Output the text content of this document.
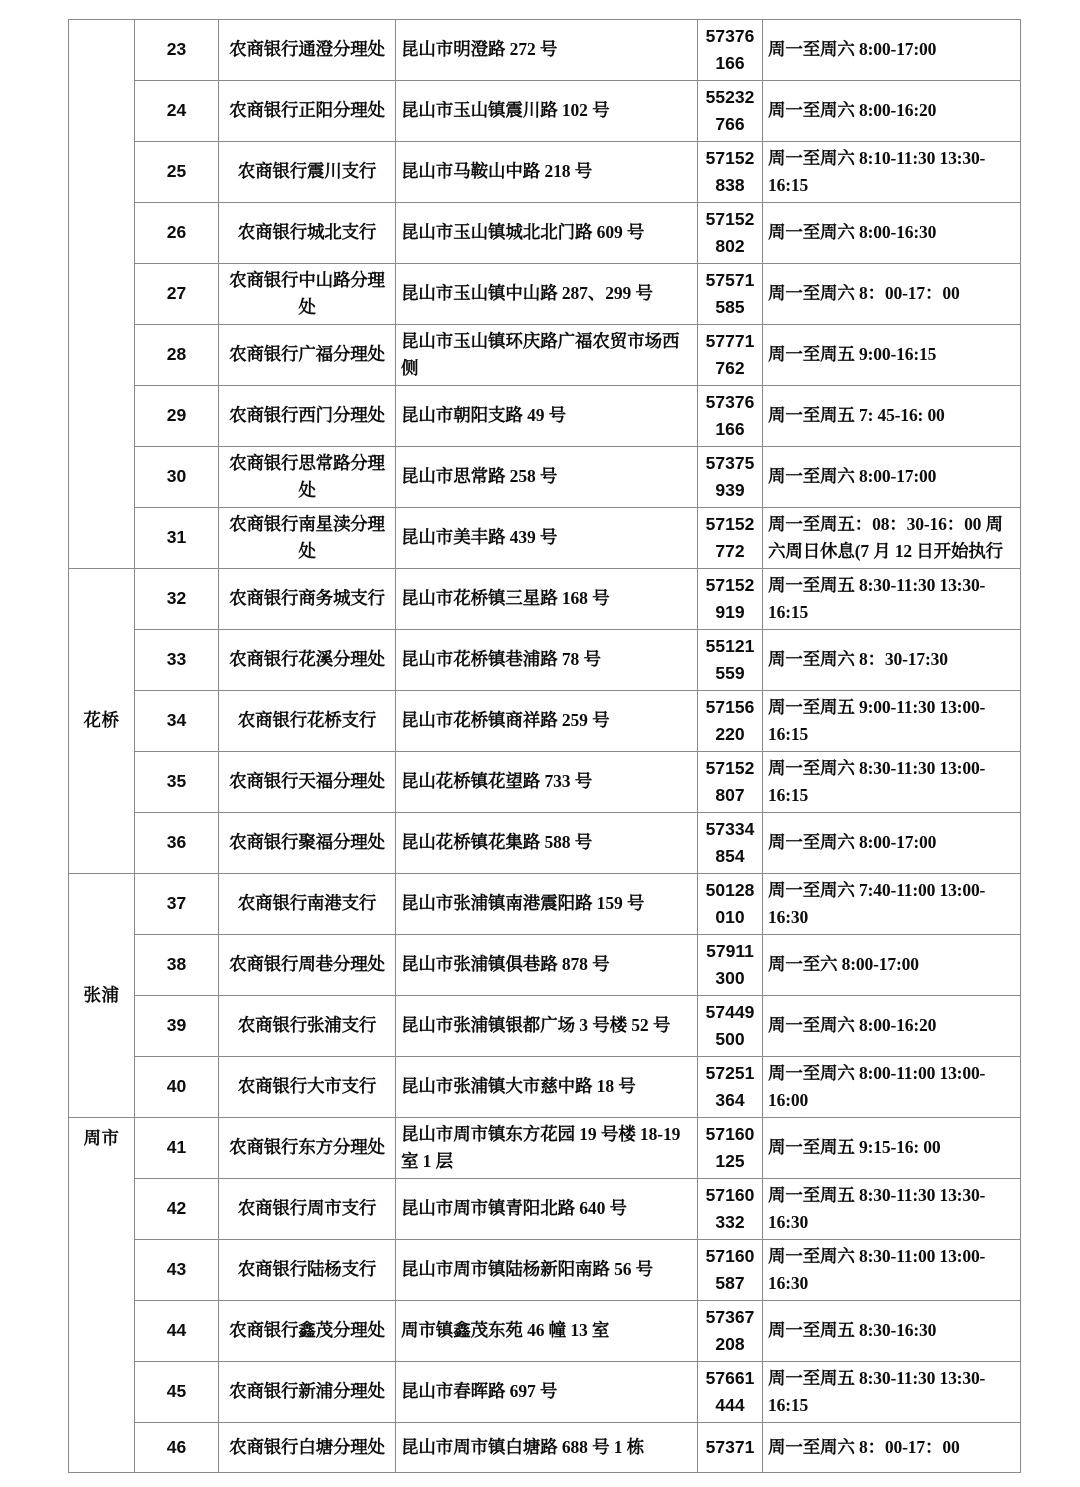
	23	农商银行通澄分理处	昆山市明澄路 272 号	57376166	周一至周六 8:00-17:00
	24	农商银行正阳分理处	昆山市玉山镇震川路 102 号	55232766	周一至周六 8:00-16:20
	25	农商银行震川支行	昆山市马鞍山中路 218 号	57152838	周一至周六 8:10-11:30 13:30-16:15
	26	农商银行城北支行	昆山市玉山镇城北北门路 609 号	57152802	周一至周六 8:00-16:30
	27	农商银行中山路分理处	昆山市玉山镇中山路 287、299 号	57571585	周一至周六 8：00-17：00
	28	农商银行广福分理处	昆山市玉山镇环庆路广福农贸市场西侧	57771762	周一至周五 9:00-16:15
	29	农商银行西门分理处	昆山市朝阳支路 49 号	57376166	周一至周五 7: 45-16: 00
	30	农商银行思常路分理处	昆山市思常路 258 号	57375939	周一至周六 8:00-17:00
	31	农商银行南星渎分理处	昆山市美丰路 439 号	57152772	周一至周五：08：30-16：00 周
六周日休息(7 月 12 日开始执行

花桥	32	农商银行商务城支行	昆山市花桥镇三星路 168 号	57152919	周一至周五 8:30-11:30 13:30-16:15
	33	农商银行花溪分理处	昆山市花桥镇巷浦路 78 号	55121559	周一至周六 8：30-17:30
	34	农商银行花桥支行	昆山市花桥镇商祥路 259 号	57156220	周一至周五 9:00-11:30 13:00-16:15
	35	农商银行天福分理处	昆山花桥镇花望路 733 号	57152807	周一至周六 8:30-11:30 13:00-16:15
	36	农商银行聚福分理处	昆山花桥镇花集路 588 号	57334854	周一至周六 8:00-17:00
张浦	37	农商银行南港支行	昆山市张浦镇南港震阳路 159 号	50128010	周一至周六 7:40-11:00 13:00-16:30
	38	农商银行周巷分理处	昆山市张浦镇俱巷路 878 号	57911300	周一至六 8:00-17:00
	39	农商银行张浦支行	昆山市张浦镇银都广场 3 号楼 52 号	57449500	周一至周六 8:00-16:20
	40	农商银行大市支行	昆山市张浦镇大市慈中路 18 号	57251364	周一至周六 8:00-11:00 13:00-16:00
周市	41	农商银行东方分理处	昆山市周市镇东方花园 19 号楼 18-19 室 1 层	57160125	周一至周五 9:15-16: 00
	42	农商银行周市支行	昆山市周市镇青阳北路 640 号	57160332	周一至周五 8:30-11:30 13:30-16:30
	43	农商银行陆杨支行	昆山市周市镇陆杨新阳南路 56 号	57160587	周一至周六 8:30-11:00 13:00-16:30
	44	农商银行鑫茂分理处	周市镇鑫茂东苑 46 幢 13 室	57367208	周一至周五 8:30-16:30
	45	农商银行新浦分理处	昆山市春晖路 697 号	57661444	周一至周五 8:30-11:30 13:30-16:15
	46	农商银行白塘分理处	昆山市周市镇白塘路 688 号 1 栋	57371	周一至周六 8：00-17：00
